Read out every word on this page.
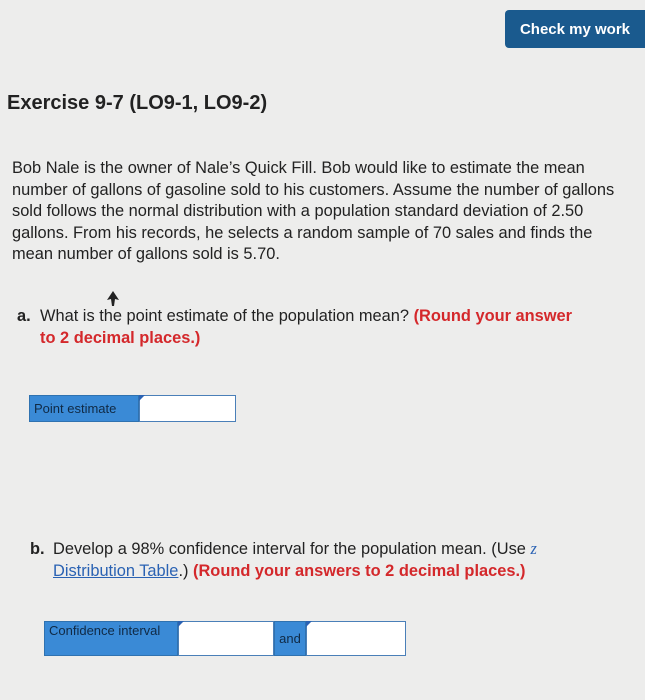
Check my work
Exercise 9-7 (LO9-1, LO9-2)

Bob Nale is the owner of Nale’s Quick Fill. Bob would like to estimate the mean number of gallons of gasoline sold to his customers. Assume the number of gallons sold follows the normal distribution with a population standard deviation of 2.50 gallons. From his records, he selects a random sample of 70 sales and finds the mean number of gallons sold is 5.70.

a. What is the point estimate of the population mean? (Round your answer
to 2 decimal places.)
Point estimate
b. Develop a 98% confidence interval for the population mean. (Use z
Distribution Table.) (Round your answers to 2 decimal places.)
Confidence interval
and
